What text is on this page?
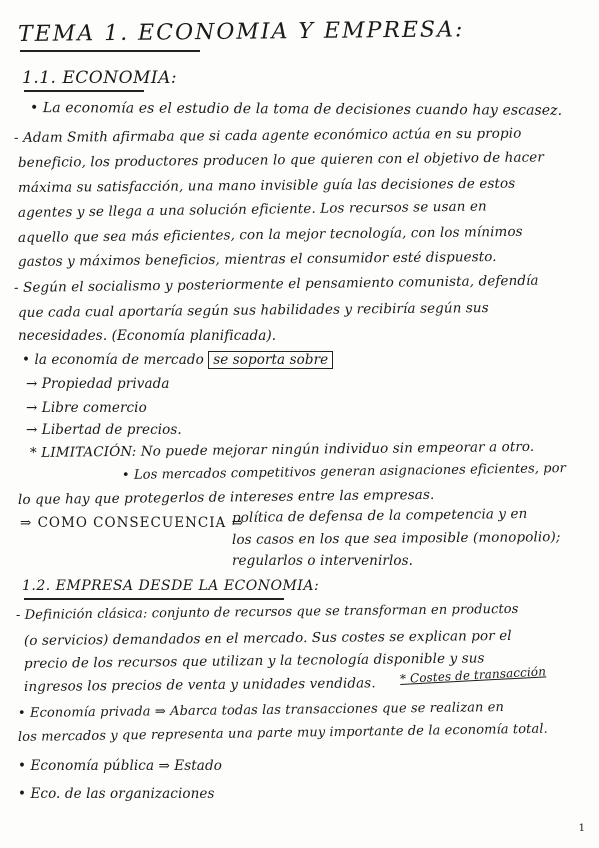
TEMA 1. ECONOMIA Y EMPRESA:
1.1. ECONOMIA:
• La economía es el estudio de la toma de decisiones cuando hay escasez.
- Adam Smith afirmaba que si cada agente económico actúa en su propio
beneficio, los productores producen lo que quieren con el objetivo de hacer
máxima su satisfacción, una mano invisible guía las decisiones de estos
agentes y se llega a una solución eficiente. Los recursos se usan en
aquello que sea más eficientes, con la mejor tecnología, con los mínimos
gastos y máximos beneficios, mientras el consumidor esté dispuesto.
- Según el socialismo y posteriormente el pensamiento comunista, defendía
que cada cual aportaría según sus habilidades y recibiría según sus
necesidades. (Economía planificada).
• la economía de mercado se soporta sobre
→ Propiedad privada
→ Libre comercio
→ Libertad de precios.
* LIMITACIÓN: No puede mejorar ningún individuo sin empeorar a otro.
• Los mercados competitivos generan asignaciones eficientes, por
lo que hay que protegerlos de intereses entre las empresas.
⇒ COMO CONSECUENCIA ⇒
política de defensa de la competencia y en
los casos en los que sea imposible (monopolio);
regularlos o intervenirlos.
1.2. EMPRESA DESDE LA ECONOMIA:
- Definición clásica: conjunto de recursos que se transforman en productos
(o servicios) demandados en el mercado. Sus costes se explican por el
precio de los recursos que utilizan y la tecnología disponible y sus
ingresos los precios de venta y unidades vendidas. * Costes de transacción
• Economía privada ⇒ Abarca todas las transacciones que se realizan en
los mercados y que representa una parte muy importante de la economía total.
• Economía pública ⇒ Estado
• Eco. de las organizaciones
1
